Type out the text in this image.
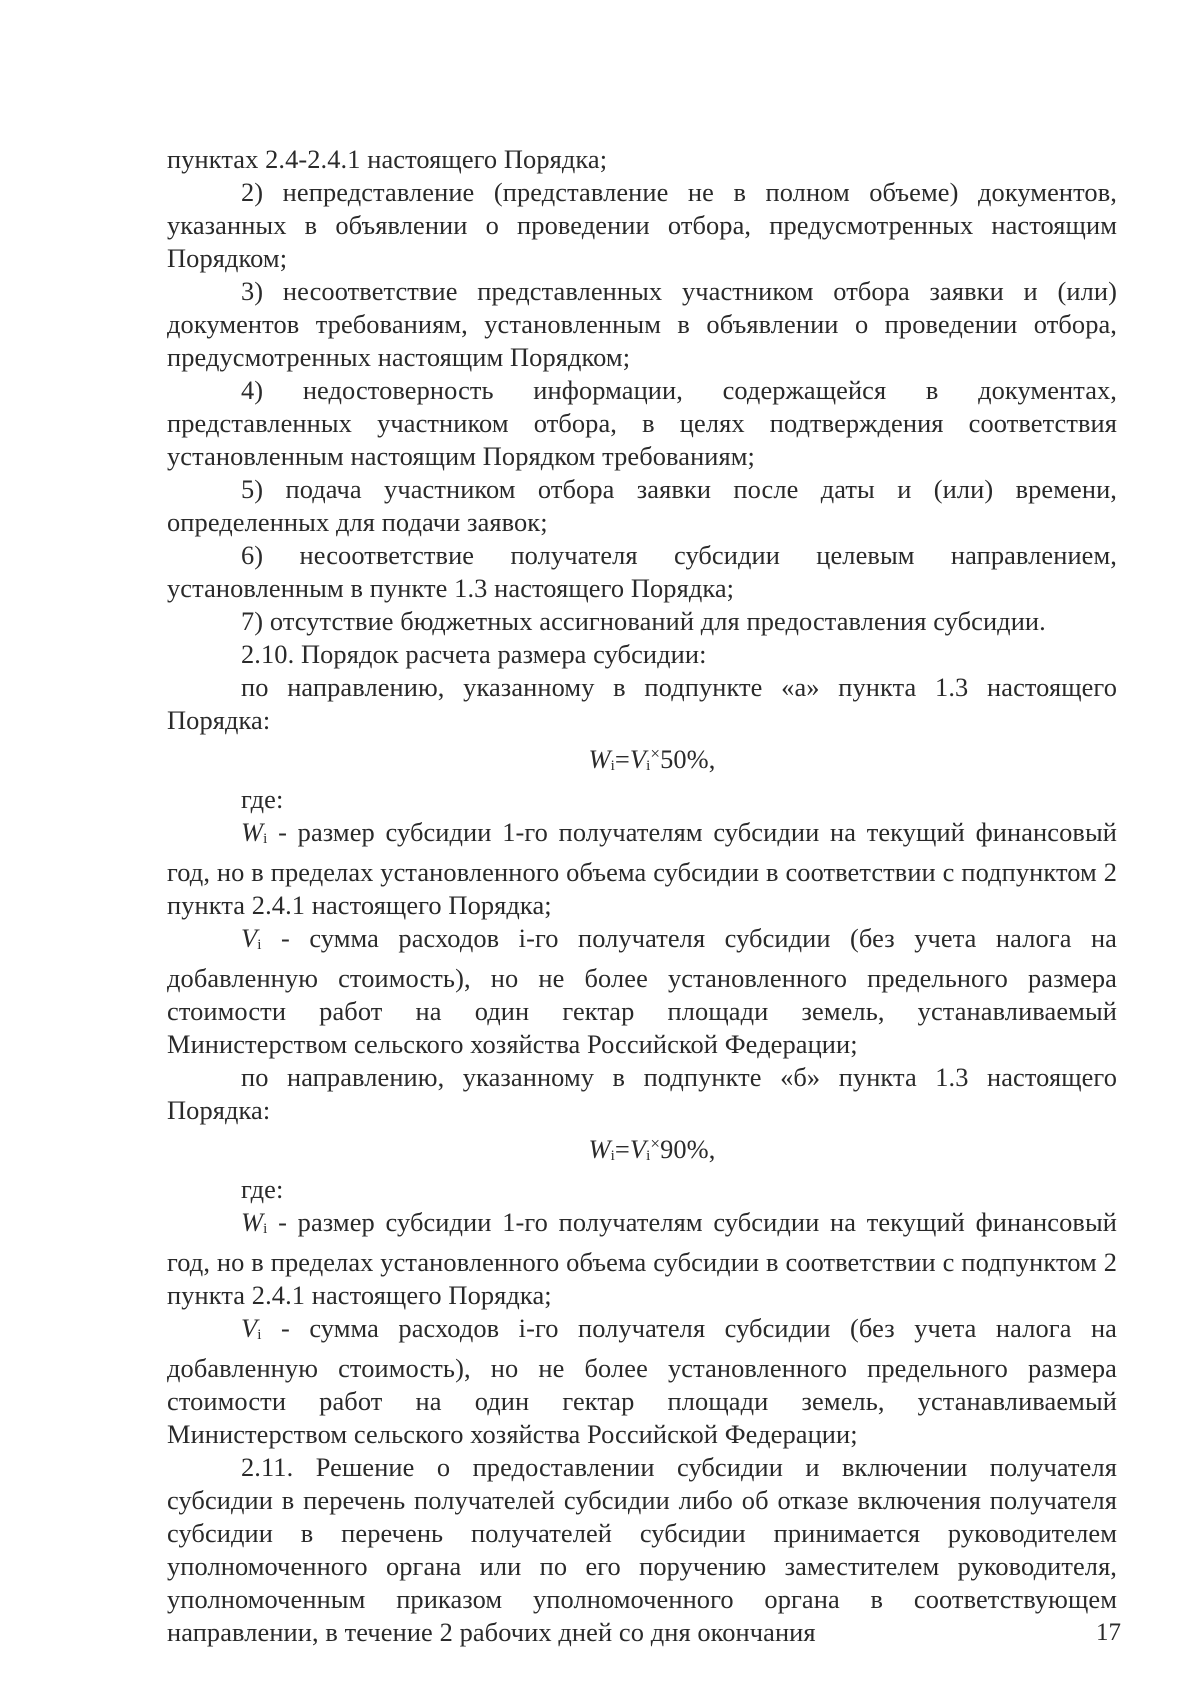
пунктах 2.4-2.4.1 настоящего Порядка;

2) непредставление (представление не в полном объеме) документов, указанных в объявлении о проведении отбора, предусмотренных настоящим Порядком;

3) несоответствие представленных участником отбора заявки и (или) документов требованиям, установленным в объявлении о проведении отбора, предусмотренных настоящим Порядком;

4) недостоверность информации, содержащейся в документах, представленных участником отбора, в целях подтверждения соответствия установленным настоящим Порядком требованиям;

5) подача участником отбора заявки после даты и (или) времени, определенных для подачи заявок;

6) несоответствие получателя субсидии целевым направлением, установленным в пункте 1.3 настоящего Порядка;

7) отсутствие бюджетных ассигнований для предоставления субсидии.

2.10. Порядок расчета размера субсидии:

по направлению, указанному в подпункте «а» пункта 1.3 настоящего Порядка:

$W_i=V_i^\times 50\%$,

где:

$W_i$ - размер субсидии 1-го получателям субсидии на текущий финансовый год, но в пределах установленного объема субсидии в соответствии с подпунктом 2 пункта 2.4.1 настоящего Порядка;

$V_i$ - сумма расходов i-го получателя субсидии (без учета налога на добавленную стоимость), но не более установленного предельного размера стоимости работ на один гектар площади земель, устанавливаемый Министерством сельского хозяйства Российской Федерации;

по направлению, указанному в подпункте «б» пункта 1.3 настоящего Порядка:

$W_i=V_i^\times 90\%$,

где:

$W_i$ - размер субсидии 1-го получателям субсидии на текущий финансовый год, но в пределах установленного объема субсидии в соответствии с подпунктом 2 пункта 2.4.1 настоящего Порядка;

$V_i$ - сумма расходов i-го получателя субсидии (без учета налога на добавленную стоимость), но не более установленного предельного размера стоимости работ на один гектар площади земель, устанавливаемый Министерством сельского хозяйства Российской Федерации;

2.11. Решение о предоставлении субсидии и включении получателя субсидии в перечень получателей субсидии либо об отказе включения получателя субсидии в перечень получателей субсидии принимается руководителем уполномоченного органа или по его поручению заместителем руководителя, уполномоченным приказом уполномоченного органа в соответствующем направлении, в течение 2 рабочих дней со дня окончания	17
